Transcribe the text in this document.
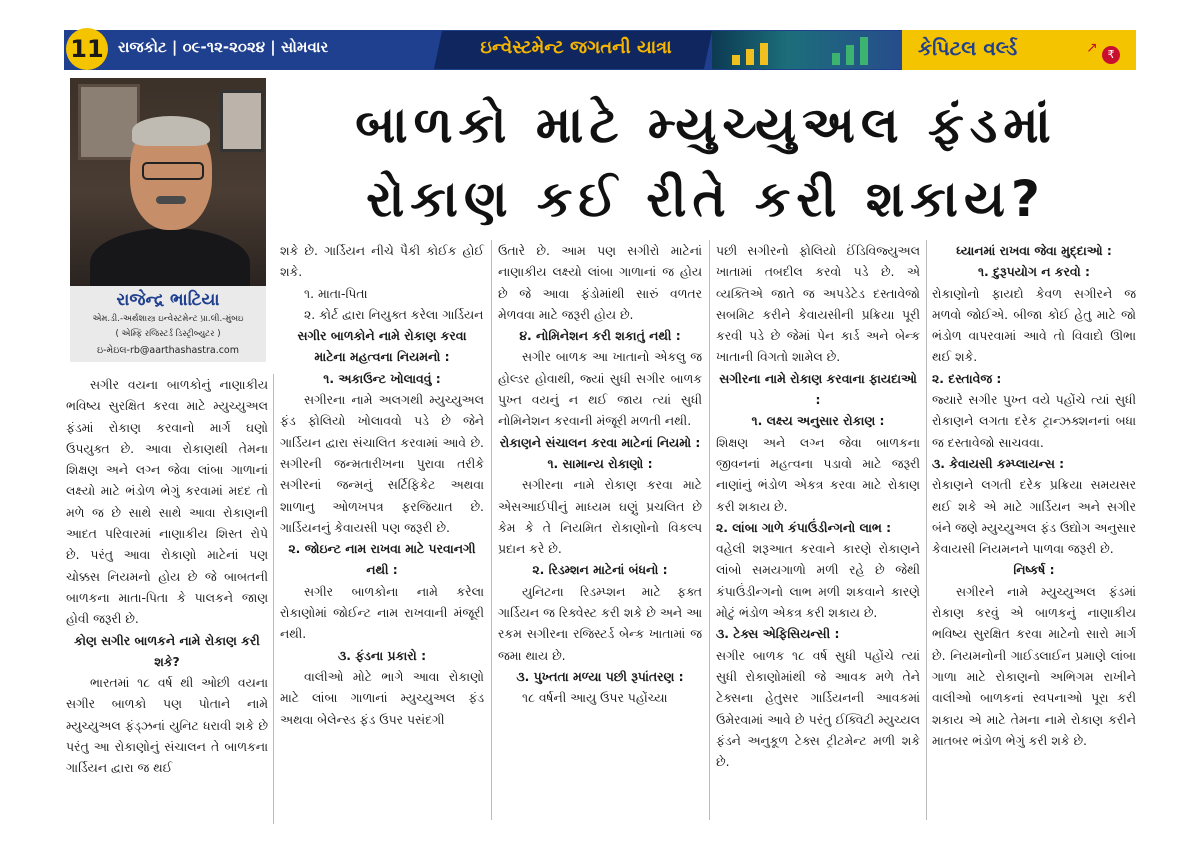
11 રાજકોટ | ૦૯-૧૨-૨૦૨૪ | સોમવાર	ઇન્વેસ્ટમેન્ટ જગતની યાત્રા	કેપિટલ વર્લ્ડ	↗ ₹
રાજેન્દ્ર ભાટિયા
એમ.ડી.-અર્થશાસ્ત્ર ઇન્વેસ્ટમેન્ટ પ્રા.લી.-મુંબઇ
( એમ્ફિ રજિસ્ટર્ડ ડિસ્ટ્રીબ્યુટર )
ઇ-મેઇલ-rb@aarthashastra.com
બાળકો માટે મ્યુચ્યુઅલ ફંડમાં
રોકાણ કઈ રીતે કરી શકાય?

સગીર વયના બાળકોનું નાણાકીય ભવિષ્ય સુરક્ષિત કરવા માટે મ્યુચ્યુઅલ ફંડમાં રોકાણ કરવાનો માર્ગ ઘણો ઉપયુક્ત છે. આવા રોકાણથી તેમના શિક્ષણ અને લગ્ન જેવા લાંબા ગાળાનાં લક્ષ્યો માટે ભંડોળ ભેગું કરવામાં મદદ તો મળે જ છે સાથે સાથે આવા રોકાણની આદત પરિવારમાં નાણાકીય શિસ્ત રોપે છે. પરંતુ આવા રોકાણો માટેનાં પણ ચોક્કસ નિયમનો હોય છે જે બાબતની બાળકના માતા-પિતા કે પાલકને જાણ હોવી જરૂરી છે.

કોણ સગીર બાળકને નામે રોકાણ કરી શકે?

ભારતમાં ૧૮ વર્ષ થી ઓછી વયના સગીર બાળકો પણ પોતાને નામે મ્યુચ્યુઅલ ફંડ્ઝનાં યુનિટ ધરાવી શકે છે પરંતુ આ રોકાણોનું સંચાલન તે બાળકના ગાર્ડિયન દ્વારા જ થઈ

શકે છે. ગાર્ડિયન નીચે પૈકી કોઈક હોઈ શકે.

૧. માતા-પિતા

૨. કોર્ટ દ્વારા નિયુક્ત કરેલા ગાર્ડિયન

સગીર બાળકોને નામે રોકાણ કરવા માટેના મહત્વના નિયમનો :

૧. અકાઉન્ટ ખોલાવવું :

સગીરના નામે અલગથી મ્યુચ્યુઅલ ફંડ ફોલિયો ખોલાવવો પડે છે જેને ગાર્ડિયન દ્વારા સંચાલિત કરવામાં આવે છે. સગીરની જન્મતારીખના પુરાવા તરીકે સગીરનાં જન્મનું સર્ટિફિકેટ અથવા શાળાનુ ઓળખપત્ર ફરજિયાત છે. ગાર્ડિયનનું કેવાયસી પણ જરૂરી છે.

૨. જોઇન્ટ નામ રાખવા માટે પરવાનગી નથી :

સગીર બાળકોના નામે કરેલા રોકાણોમાં જોઈન્ટ નામ રાખવાની મંજૂરી નથી.

૩. ફંડના પ્રકારો :

વાલીઓ મોટે ભાગે આવા રોકાણો માટે લાંબા ગાળાનાં મ્યુચ્યુઅલ ફંડ અથવા બેલેન્સ્ડ ફંડ ઉપર પસંદગી

ઉતારે છે. આમ પણ સગીરો માટેનાં નાણાકીય લક્ષ્યો લાંબા ગાળાનાં જ હોય છે જે આવા ફંડોમાંથી સારું વળતર મેળવવા માટે જરૂરી હોય છે.

૪. નોમિનેશન કરી શકાતું નથી :

સગીર બાળક આ ખાતાનો એકલુ જ હોલ્ડર હોવાથી, જ્યાં સુધી સગીર બાળક પુખ્ત વયનું ન થઈ જાય ત્યાં સુધી નોમિનેશન કરવાની મંજૂરી મળતી નથી.

રોકાણને સંચાલન કરવા માટેનાં નિયમો :

૧. સામાન્ય રોકાણો :

સગીરના નામે રોકાણ કરવા માટે એસઆઈપીનું માધ્યમ ઘણું પ્રચલિત છે કેમ કે તે નિયમિત રોકાણોનો વિકલ્પ પ્રદાન કરે છે.

૨. રિડમ્શન માટેનાં બંધનો :

યુનિટના રિડમ્પ્શન માટે ફક્ત ગાર્ડિયન જ રિક્વેસ્ટ કરી શકે છે અને આ રકમ સગીરના રજિસ્ટર્ડ બેન્ક ખાતામાં જ જમા થાય છે.

૩. પુખ્તતા મળ્યા પછી રૂપાંતરણ :

૧૮ વર્ષની આયુ ઉપર પહોંચ્યા

પછી સગીરનો ફોલિયો ઈંડિવિજ્યુઅલ ખાતામાં તબદીલ કરવો પડે છે. એ વ્યક્તિએ જાતે જ અપડેટેડ દસ્તાવેજો સબમિટ કરીને કેવાયસીની પ્રક્રિયા પૂરી કરવી પડે છે જેમાં પેન કાર્ડ અને બેન્ક ખાતાની વિગતો શામેલ છે.

સગીરના નામે રોકાણ કરવાના ફાયદાઓ :

૧. લક્ષ્ય અનુસાર રોકાણ :

શિક્ષણ અને લગ્ન જેવા બાળકના જીવનનાં મહત્વના પડાવો માટે જરૂરી નાણાંનું ભંડોળ એકત્ર કરવા માટે રોકાણ કરી શકાય છે.

૨. લાંબા ગાળે કંપાઉંડીન્ગનો લાભ :

વહેલી શરૂઆત કરવાને કારણે રોકાણને લાંબો સમયગાળો મળી રહે છે જેથી કંપાઉંડીન્ગનો લાભ મળી શકવાને કારણે મોટું ભંડોળ એકત્ર કરી શકાય છે.

૩. ટેક્સ એફિસિયન્સી :

સગીર બાળક ૧૮ વર્ષ સુધી પહોંચે ત્યાં સુધી રોકાણોમાંથી જે આવક મળે તેને ટેક્સના હેતુસર ગાર્ડિયનની આવકમાં ઉમેરવામાં આવે છે પરંતુ ઈક્વિટી મ્યુચ્યલ ફંડને અનુકૂળ ટેક્સ ટ્રીટમેન્ટ મળી શકે છે.

ધ્યાનમાં રાખવા જેવા મુદ્દાઓ :

૧. દુરૂપયોગ ન કરવો :

રોકાણોનો ફાયદો કેવળ સગીરને જ મળવો જોઈએ. બીજા કોઈ હેતુ માટે જો ભંડોળ વાપરવામાં આવે તો વિવાદો ઊભા થઈ શકે.

૨. દસ્તાવેજ :

જ્યારે સગીર પુખ્ત વયે પહોંચે ત્યાં સુધી રોકાણને લગતા દરેક ટ્રાન્ઝક્શનનાં બધા જ દસ્તાવેજો સાચવવા.

૩. કેવાયસી કમ્પ્લાયન્સ :

રોકાણને લગતી દરેક પ્રક્રિયા સમયસર થઈ શકે એ માટે ગાર્ડિયન અને સગીર બંને જણે મ્યુચ્યુઅલ ફંડ ઉદ્યોગ અનુસાર કેવાયસી નિયમનને પાળવા જરૂરી છે.

નિષ્કર્ષ :

સગીરને નામે મ્યુચ્યુઅલ ફંડમાં રોકાણ કરવું એ બાળકનું નાણાકીય ભવિષ્ય સુરક્ષિત કરવા માટેનો સારો માર્ગ છે. નિયમનોની ગાઈડલાઈન પ્રમાણે લાંબા ગાળા માટે રોકાણનો અભિગમ રાખીને વાલીઓ બાળકનાં સ્વપનાઓ પૂરા કરી શકાય એ માટે તેમના નામે રોકાણ કરીને માતબર ભંડોળ ભેગું કરી શકે છે.
